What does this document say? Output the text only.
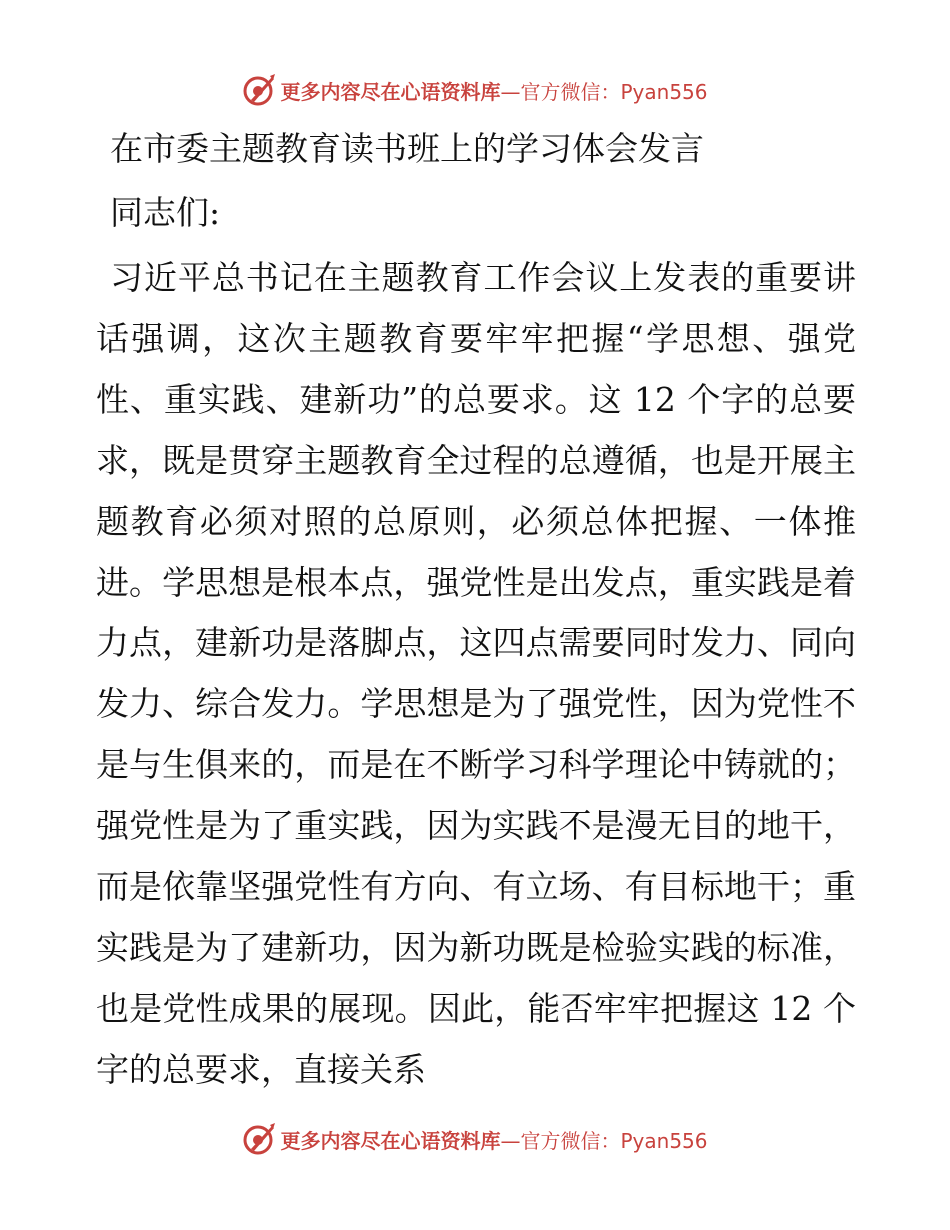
更多内容尽在心语资料库—官方微信：Pyan556
在市委主题教育读书班上的学习体会发言
同志们:

习近平总书记在主题教育工作会议上发表的重要讲话强调，这次主题教育要牢牢把握“学思想、强党性、重实践、建新功”的总要求。这 12 个字的总要求，既是贯穿主题教育全过程的总遵循，也是开展主题教育必须对照的总原则，必须总体把握、一体推进。学思想是根本点，强党性是出发点，重实践是着力点，建新功是落脚点，这四点需要同时发力、同向发力、综合发力。学思想是为了强党性，因为党性不是与生俱来的，而是在不断学习科学理论中铸就的；强党性是为了重实践，因为实践不是漫无目的地干，而是依靠坚强党性有方向、有立场、有目标地干；重实践是为了建新功，因为新功既是检验实践的标准，也是党性成果的展现。因此，能否牢牢把握这 12 个字的总要求，直接关系

更多内容尽在心语资料库—官方微信：Pyan556
